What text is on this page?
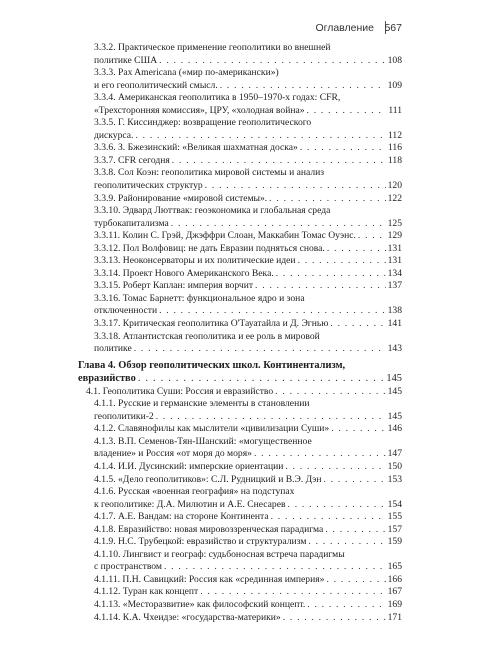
Оглавление 567
3.3.2. Практическое применение геополитики во внешней
политике США . . .	108
3.3.3. Pax Americana («мир по-американски»)
и его геополитический смысл. . . .	109
3.3.4. Американская геополитика в 1950–1970-х годах: CFR,
«Трехсторонняя комиссия», ЦРУ, «холодная война» . . .	111
3.3.5. Г. Киссинджер: возвращение геополитического
дискурса. . . .	112
3.3.6. З. Бжезинский: «Великая шахматная доска» . . .	116
3.3.7. CFR сегодня . . .	118
3.3.8. Сол Коэн: геополитика мировой системы и анализ
геополитических структур . . .	120
3.3.9. Районирование «мировой системы». . . .	122
3.3.10. Эдвард Люттвак: геоэкономика и глобальная среда
турбокапитализма . . .	125
3.3.11. Колин С. Грэй, Джэффри Слоан, Маккабин Томас Оуэнс. . . .	129
3.3.12. Пол Волфовиц: не дать Евразии подняться снова. . . .	131
3.3.13. Неоконсерваторы и их политические идеи . . .	131
3.3.14. Проект Нового Американского Века. . . .	134
3.3.15. Роберт Каплан: империя ворчит . . .	137
3.3.16. Томас Барнетт: функциональное ядро и зона
отключенности . . .	138
3.3.17. Критическая геополитика О'Тауатайла и Д. Эгнью . . .	141
3.3.18. Атлантистская геополитика и ее роль в мировой
политике . . .	143
Глава 4. Обзор геополитических школ. Континентализм,
евразийство . . .	145
4.1. Геополитика Суши: Россия и евразийство . . .	145
4.1.1. Русские и германские элементы в становлении
геополитики-2 . . .	145
4.1.2. Славянофилы как мыслители «цивилизации Суши» . . .	146
4.1.3. В.П. Семенов-Тян-Шанский: «могущественное
владение» и Россия «от моря до моря» . . .	147
4.1.4. И.И. Дусинский: имперские ориентации . . .	150
4.1.5. «Дело геополитиков»: С.Л. Рудницкий и В.Э. Дэн . . .	153
4.1.6. Русская «военная география» на подступах
к геополитике: Д.А. Милютин и А.Е. Снесарев . . .	154
4.1.7. А.Е. Вандам: на стороне Континента . . .	155
4.1.8. Евразийство: новая мировоззренческая парадигма . . .	157
4.1.9. Н.С. Трубецкой: евразийство и структурализм . . .	159
4.1.10. Лингвист и географ: судьбоносная встреча парадигмы
с пространством . . .	165
4.1.11. П.Н. Савицкий: Россия как «срединная империя» . . .	166
4.1.12. Туран как концепт . . .	167
4.1.13. «Месторазвитие» как философский концепт. . . .	169
4.1.14. К.А. Чхеидзе: «государства-материки» . . .	171
